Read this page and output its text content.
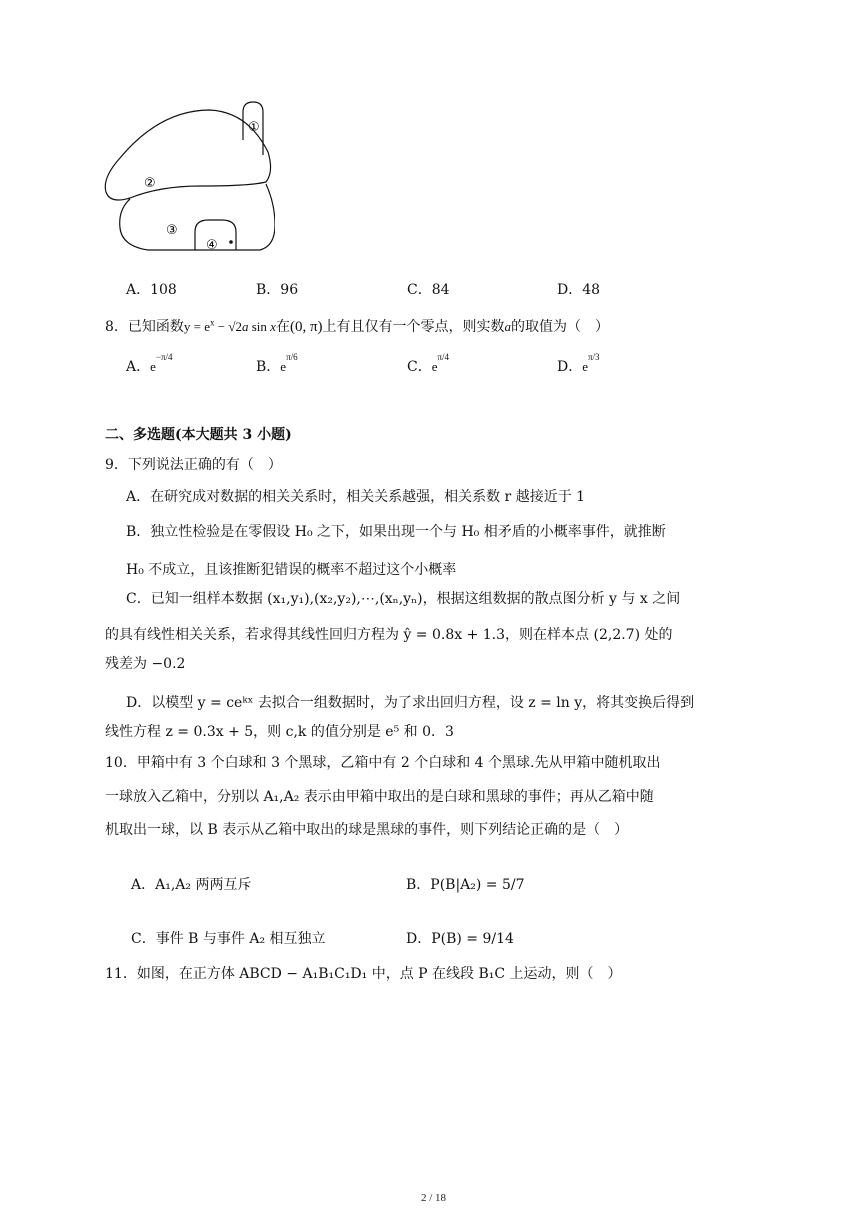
①
②
③
④
A．108	B．96	C．84	D．48
8．已知函数$y = e^x - √2a$ sin x在(0, π)上有且仅有一个零点，则实数a的取值为（　）
A．$e^{-\pi/4}$
B．$e^{\pi/6}$
C．$e^{\pi/4}$
D．$e^{\pi/3}$
二、多选题(本大题共 3 小题)
9．下列说法正确的有（　）
A．在研究成对数据的相关关系时，相关关系越强，相关系数 r 越接近于 1
B．独立性检验是在零假设 H₀ 之下，如果出现一个与 H₀ 相矛盾的小概率事件，就推断
H₀ 不成立，且该推断犯错误的概率不超过这个小概率
C．已知一组样本数据 (x₁,y₁),(x₂,y₂),⋯,(xₙ,yₙ)，根据这组数据的散点图分析 y 与 x 之间
的具有线性相关关系，若求得其线性回归方程为 ŷ = 0.8x + 1.3，则在样本点 (2,2.7) 处的
残差为 −0.2
D．以模型 y = ceᵏˣ 去拟合一组数据时，为了求出回归方程，设 z = ln y，将其变换后得到
线性方程 z = 0.3x + 5，则 c,k 的值分别是 e⁵ 和 0．3
10．甲箱中有 3 个白球和 3 个黑球，乙箱中有 2 个白球和 4 个黑球.先从甲箱中随机取出
一球放入乙箱中，分别以 A₁,A₂ 表示由甲箱中取出的是白球和黑球的事件；再从乙箱中随
机取出一球，以 B 表示从乙箱中取出的球是黑球的事件，则下列结论正确的是（　）
A．A₁,A₂ 两两互斥	B．P(B|A₂) = 5/7
C．事件 B 与事件 A₂ 相互独立	D．P(B) = 9/14
11．如图，在正方体 ABCD − A₁B₁C₁D₁ 中，点 P 在线段 B₁C 上运动，则（　）
2 / 18
